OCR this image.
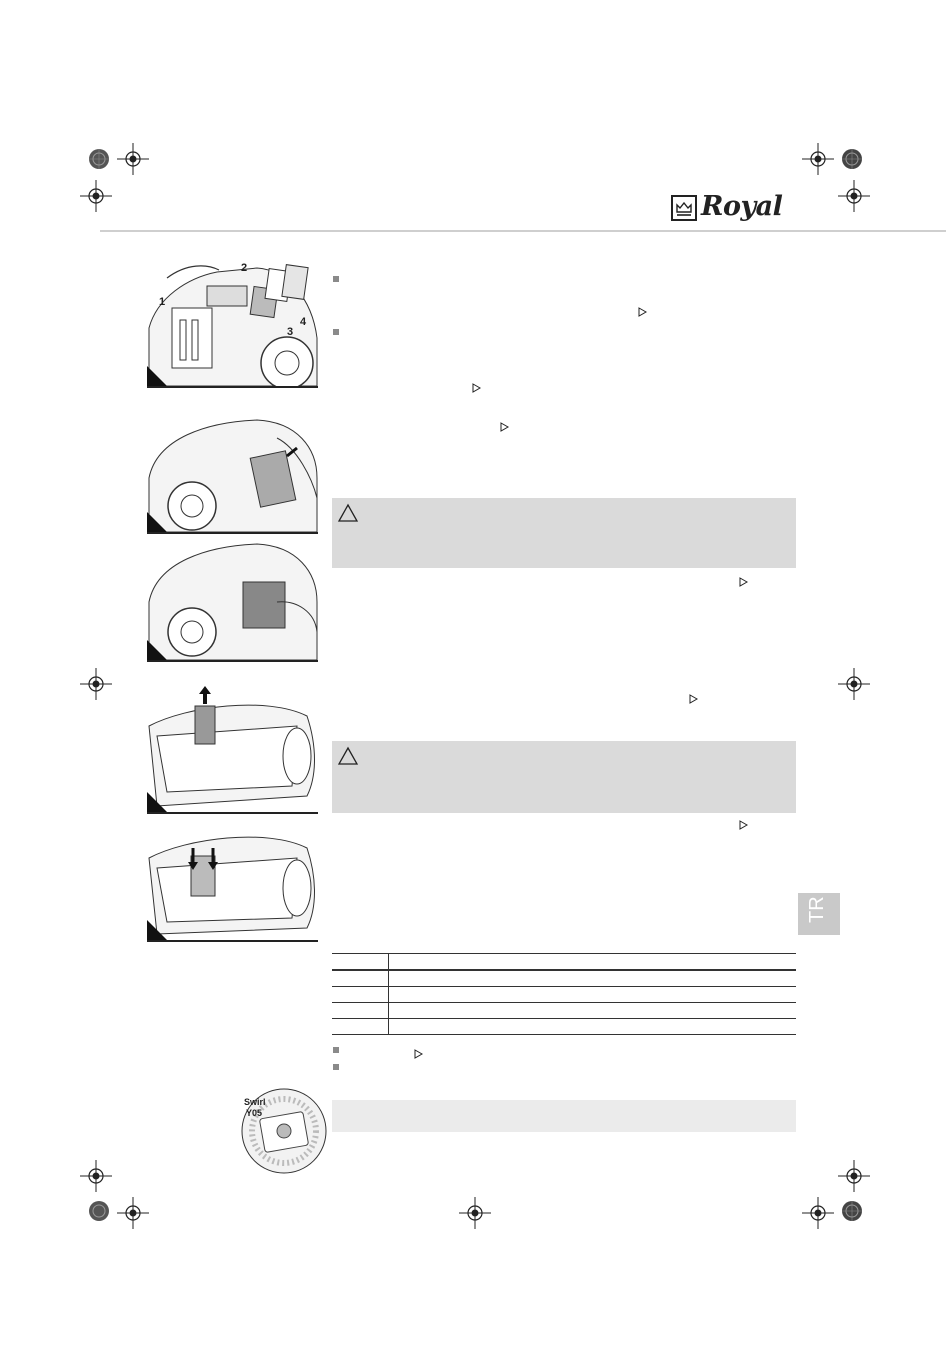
Royal
1
2
3
4
TR

Swirl
Y05
